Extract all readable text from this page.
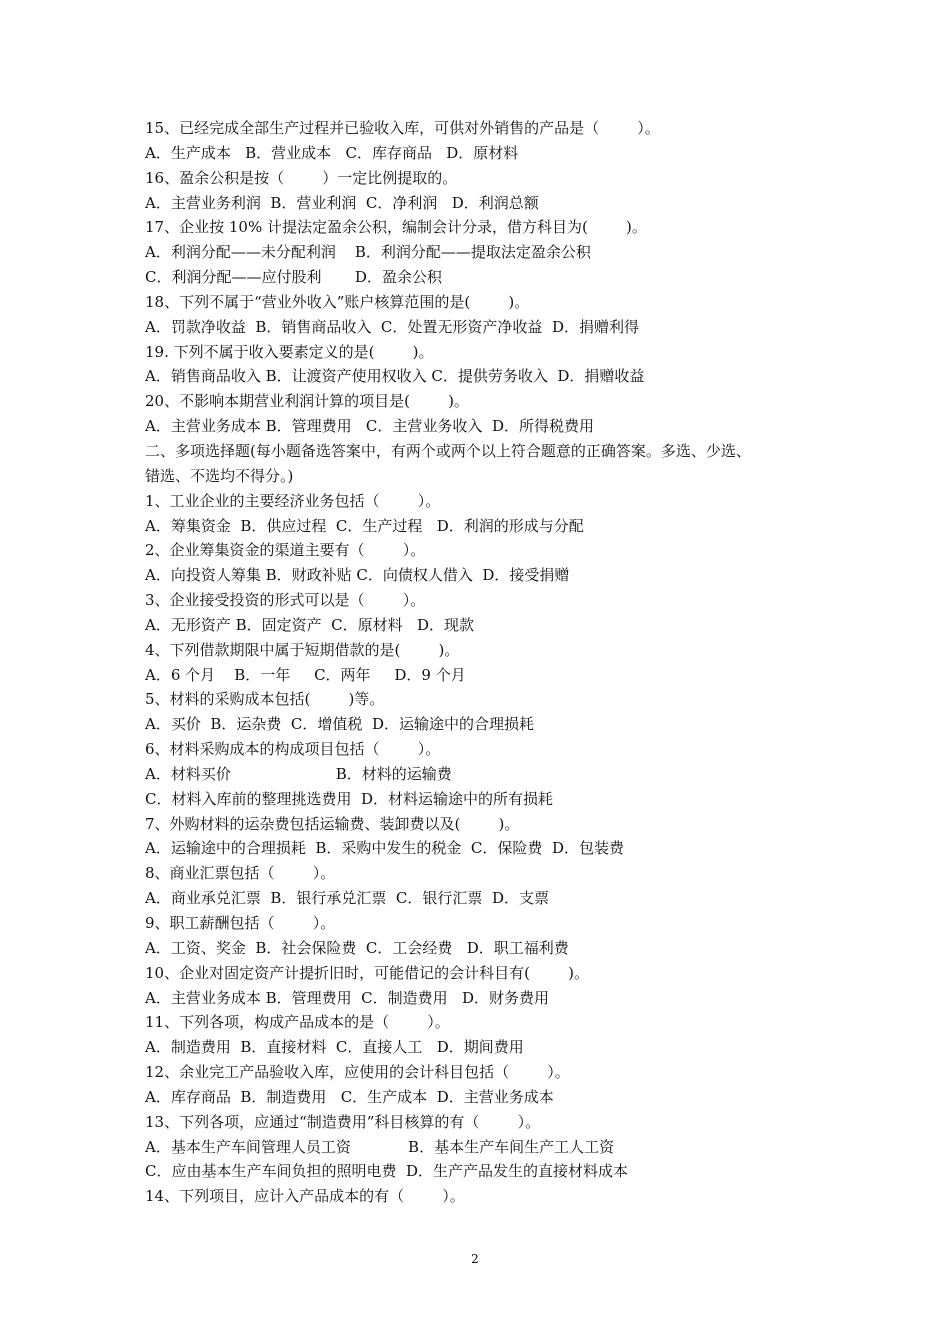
15、已经完成全部生产过程并已验收入库，可供对外销售的产品是（        ）。
A．生产成本   B．营业成本   C．库存商品   D．原材料
16、盈余公积是按（        ）一定比例提取的。
A．主营业务利润  B．营业利润  C．净利润   D．利润总额
17、企业按 10% 计提法定盈余公积，编制会计分录，借方科目为(        )。
A．利润分配——未分配利润    B．利润分配——提取法定盈余公积
C．利润分配——应付股利       D．盈余公积
18、下列不属于“营业外收入”账户核算范围的是(        )。
A．罚款净收益  B．销售商品收入  C．处置无形资产净收益  D．捐赠利得
19. 下列不属于收入要素定义的是(        )。
A．销售商品收入 B．让渡资产使用权收入 C．提供劳务收入  D．捐赠收益
20、不影响本期营业利润计算的项目是(        )。
A．主营业务成本 B．管理费用   C．主营业务收入  D．所得税费用
二、多项选择题(每小题备选答案中，有两个或两个以上符合题意的正确答案。多选、少选、
错选、不选均不得分。)
1、工业企业的主要经济业务包括（        ）。
A．筹集资金  B．供应过程  C．生产过程   D．利润的形成与分配
2、企业筹集资金的渠道主要有（        ）。
A．向投资人筹集 B．财政补贴 C．向债权人借入  D．接受捐赠
3、企业接受投资的形式可以是（        ）。
A．无形资产 B．固定资产  C．原材料   D．现款
4、下列借款期限中属于短期借款的是(        )。
A．6 个月    B．一年     C．两年     D．9 个月
5、材料的采购成本包括(        )等。
A．买价  B．运杂费  C．增值税  D．运输途中的合理损耗
6、材料采购成本的构成项目包括（        ）。
A．材料买价                      B．材料的运输费
C．材料入库前的整理挑选费用  D．材料运输途中的所有损耗
7、外购材料的运杂费包括运输费、装卸费以及(        )。
A．运输途中的合理损耗  B．采购中发生的税金  C．保险费  D．包装费
8、商业汇票包括（        ）。
A．商业承兑汇票  B．银行承兑汇票  C．银行汇票  D．支票
9、职工薪酬包括（        ）。
A．工资、奖金  B．社会保险费  C．工会经费   D．职工福利费
10、企业对固定资产计提折旧时，可能借记的会计科目有(        )。
A．主营业务成本 B．管理费用  C．制造费用   D．财务费用
11、下列各项，构成产品成本的是（        ）。
A．制造费用  B．直接材料  C．直接人工   D．期间费用
12、余业完工产品验收入库，应使用的会计科目包括（        ）。
A．库存商品  B．制造费用   C．生产成本  D．主营业务成本
13、下列各项，应通过“制造费用”科目核算的有（        ）。
A．基本生产车间管理人员工资            B．基本生产车间生产工人工资
C．应由基本生产车间负担的照明电费  D．生产产品发生的直接材料成本
14、下列项目，应计入产品成本的有（        ）。
2
